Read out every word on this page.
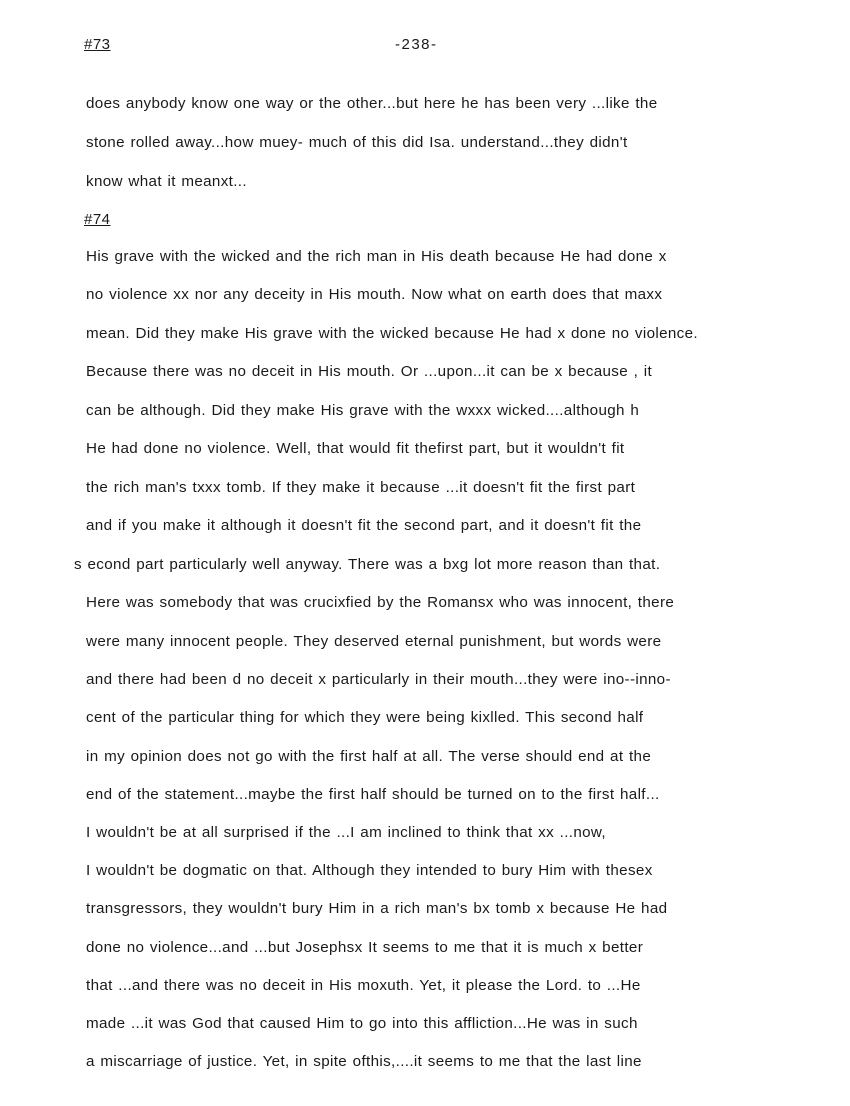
#73	-238-
does anybody know one way or the other...but here he has been very ...like the
stone rolled away...how muey- much of this did Isa. understand...they didn't
know what it meanxt...
#74
His grave with the wicked and the rich man in His death because He had done x
no violence xx nor any deceity in His mouth. Now what on earth does that maxx
mean. Did they make His grave with the wicked because He had x done no violence.
Because there was no deceit in His mouth. Or ...upon...it can be x because , it
can be although. Did they make His grave with the wxxx wicked....although h
He had done no violence. Well, that would fit thefirst part, but it wouldn't fit
the rich man's txxx tomb. If they make it because ...it doesn't fit the first part
and if you make it although it doesn't fit the second part, and it doesn't fit the
s econd part particularly well anyway. There was a bxg lot more reason than that.
Here was somebody that was crucixfied by the Romansx who was innocent, there
were many innocent people. They deserved eternal punishment, but words were
and there had been d no deceit x particularly in their mouth...they were ino--inno-
cent of the particular thing for which they were being kixlled. This second half
in my opinion does not go with the first half at all. The verse should end at the
end of the statement...maybe the first half should be turned on to the first half...
I wouldn't be at all surprised if the ...I am inclined to think that xx ...now,
I wouldn't be dogmatic on that. Although they intended to bury Him with thesex
transgressors, they wouldn't bury Him in a rich man's bx tomb x because He had
done no violence...and ...but Josephsx It seems to me that it is much x better
that ...and there was no deceit in His moxuth. Yet, it please the Lord. to ...He
made ...it was God that caused Him to go into this affliction...He was in such
a miscarriage of justice. Yet, in spite ofthis,....it seems to me that the last line
